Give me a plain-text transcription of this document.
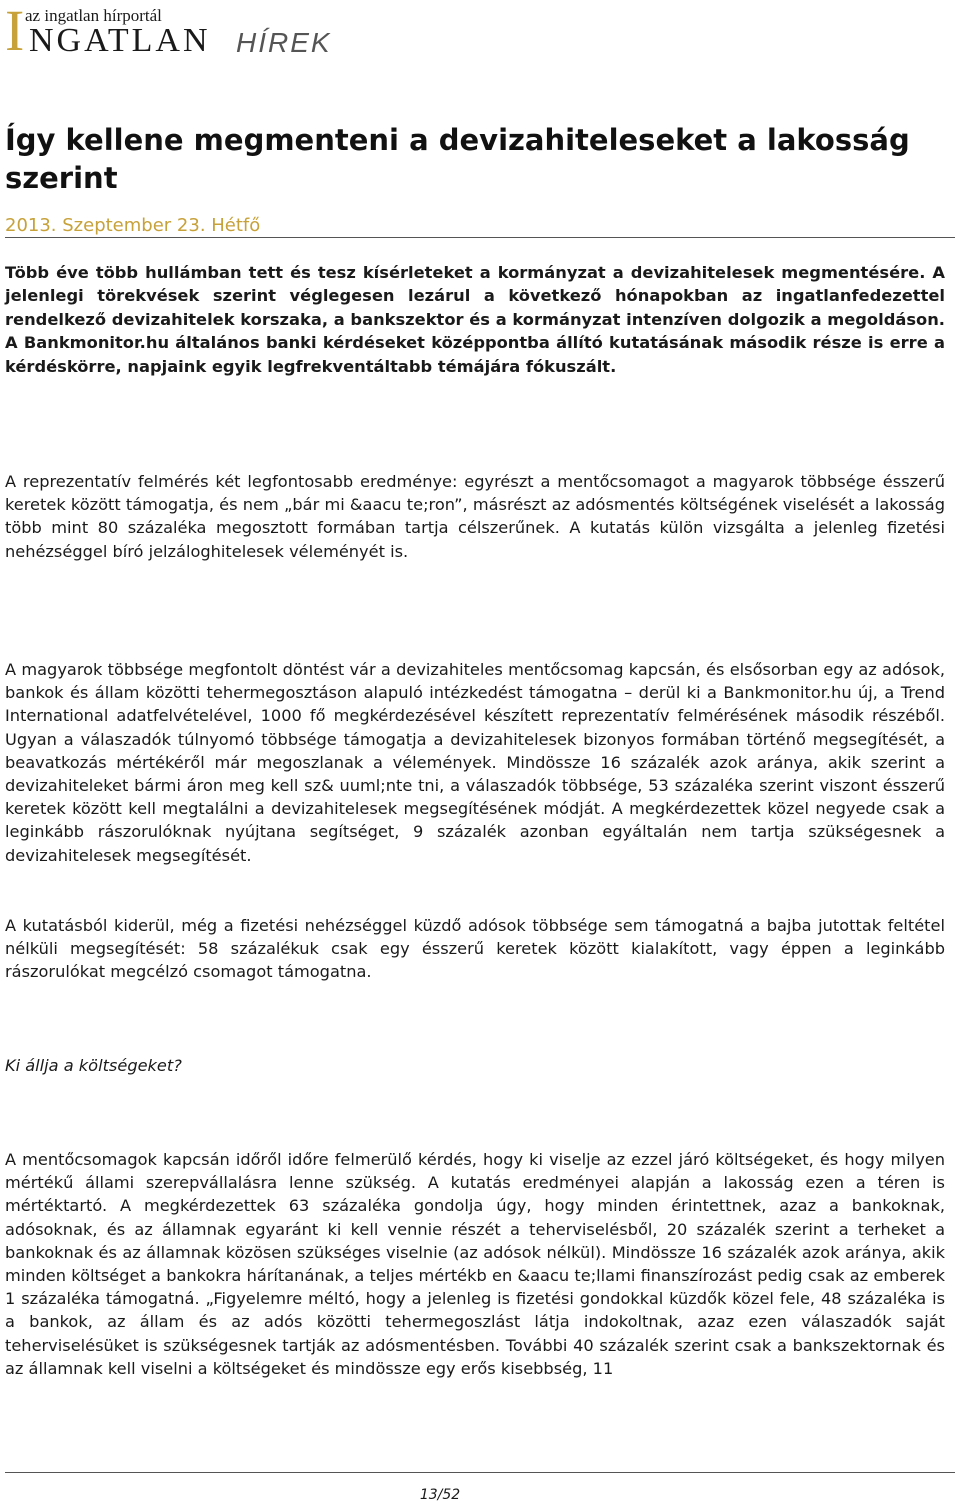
I az ingatlan hírportál
NGATLAN HÍREK
Így kellene megmenteni a devizahiteleseket a lakosság szerint
2013. Szeptember 23. Hétfő

Több éve több hullámban tett és tesz kísérleteket a kormányzat a devizahitelesek megmentésére. A jelenlegi törekvések szerint véglegesen lezárul a következő hónapokban az ingatlanfedezettel rendelkező devizahitelek korszaka, a bankszektor és a kormányzat intenzíven dolgozik a megoldáson. A Bankmonitor.hu általános banki kérdéseket középpontba állító kutatásának második része is erre a kérdéskörre, napjaink egyik legfrekventáltabb témájára fókuszált.

A reprezentatív felmérés két legfontosabb eredménye: egyrészt a mentőcsomagot a magyarok többsége ésszerű keretek között támogatja, és nem „bár mi &aacu te;ron”, másrészt az adósmentés költségének viselését a lakosság több mint 80 százaléka megosztott formában tartja célszerűnek. A kutatás külön vizsgálta a jelenleg fizetési nehézséggel bíró jelzáloghitelesek véleményét is.

A magyarok többsége megfontolt döntést vár a devizahiteles mentőcsomag kapcsán, és elsősorban egy az adósok, bankok és állam közötti tehermegosztáson alapuló intézkedést támogatna – derül ki a Bankmonitor.hu új, a Trend International adatfelvételével, 1000 fő megkérdezésével készített reprezentatív felmérésének második részéből. Ugyan a válaszadók túlnyomó többsége támogatja a devizahitelesek bizonyos formában történő megsegítését, a beavatkozás mértékéről már megoszlanak a vélemények. Mindössze 16 százalék azok aránya, akik szerint a devizahiteleket bármi áron meg kell sz& uuml;nte tni, a válaszadók többsége, 53 százaléka szerint viszont ésszerű keretek között kell megtalálni a devizahitelesek megsegítésének módját. A megkérdezettek közel negyede csak a leginkább rászorulóknak nyújtana segítséget, 9 százalék azonban egyáltalán nem tartja szükségesnek a devizahitelesek megsegítését.

A kutatásból kiderül, még a fizetési nehézséggel küzdő adósok többsége sem támogatná a bajba jutottak feltétel nélküli megsegítését: 58 százalékuk csak egy ésszerű keretek között kialakított, vagy éppen a leginkább rászorulókat megcélzó csomagot támogatna.

Ki állja a költségeket?

A mentőcsomagok kapcsán időről időre felmerülő kérdés, hogy ki viselje az ezzel járó költségeket, és hogy milyen mértékű állami szerepvállalásra lenne szükség. A kutatás eredményei alapján a lakosság ezen a téren is mértéktartó. A megkérdezettek 63 százaléka gondolja úgy, hogy minden érintettnek, azaz a bankoknak, adósoknak, és az államnak egyaránt ki kell vennie részét a teherviselésből, 20 százalék szerint a terheket a bankoknak és az államnak közösen szükséges viselnie (az adósok nélkül). Mindössze 16 százalék azok aránya, akik minden költséget a bankokra hárítanának, a teljes mértékb en &aacu te;llami finanszírozást pedig csak az emberek 1 százaléka támogatná. „Figyelemre méltó, hogy a jelenleg is fizetési gondokkal küzdők közel fele, 48 százaléka is a bankok, az állam és az adós közötti tehermegoszlást látja indokoltnak, azaz ezen válaszadók saját teherviselésüket is szükségesnek tartják az adósmentésben. További 40 százalék szerint csak a bankszektornak és az államnak kell viselni a költségeket és mindössze egy erős kisebbség, 11

13/52
